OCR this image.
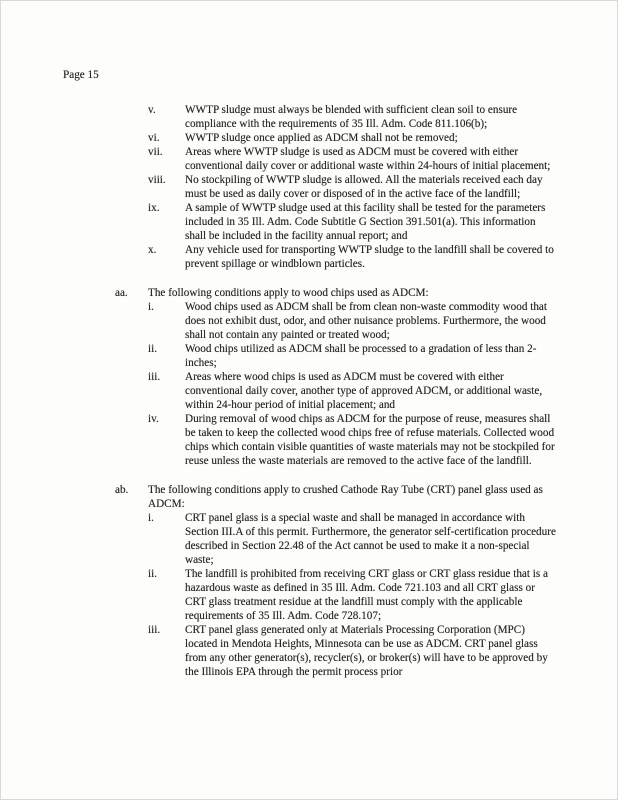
Page 15
v.	WWTP sludge must always be blended with sufficient clean soil to ensure compliance with the requirements of 35 Ill. Adm. Code 811.106(b);
vi.	WWTP sludge once applied as ADCM shall not be removed;
vii.	Areas where WWTP sludge is used as ADCM must be covered with either conventional daily cover or additional waste within 24-hours of initial placement;
viii.	No stockpiling of WWTP sludge is allowed. All the materials received each day must be used as daily cover or disposed of in the active face of the landfill;
ix.	A sample of WWTP sludge used at this facility shall be tested for the parameters included in 35 Ill. Adm. Code Subtitle G Section 391.501(a). This information shall be included in the facility annual report; and
x.	Any vehicle used for transporting WWTP sludge to the landfill shall be covered to prevent spillage or windblown particles.
aa.	The following conditions apply to wood chips used as ADCM:
i.	Wood chips used as ADCM shall be from clean non-waste commodity wood that does not exhibit dust, odor, and other nuisance problems. Furthermore, the wood shall not contain any painted or treated wood;
ii.	Wood chips utilized as ADCM shall be processed to a gradation of less than 2-inches;
iii.	Areas where wood chips is used as ADCM must be covered with either conventional daily cover, another type of approved ADCM, or additional waste, within 24-hour period of initial placement; and
iv.	During removal of wood chips as ADCM for the purpose of reuse, measures shall be taken to keep the collected wood chips free of refuse materials. Collected wood chips which contain visible quantities of waste materials may not be stockpiled for reuse unless the waste materials are removed to the active face of the landfill.
ab.	The following conditions apply to crushed Cathode Ray Tube (CRT) panel glass used as ADCM:
i.	CRT panel glass is a special waste and shall be managed in accordance with Section III.A of this permit. Furthermore, the generator self-certification procedure described in Section 22.48 of the Act cannot be used to make it a non-special waste;
ii.	The landfill is prohibited from receiving CRT glass or CRT glass residue that is a hazardous waste as defined in 35 Ill. Adm. Code 721.103 and all CRT glass or CRT glass treatment residue at the landfill must comply with the applicable requirements of 35 Ill. Adm. Code 728.107;
iii.	CRT panel glass generated only at Materials Processing Corporation (MPC) located in Mendota Heights, Minnesota can be use as ADCM. CRT panel glass from any other generator(s), recycler(s), or broker(s) will have to be approved by the Illinois EPA through the permit process prior
